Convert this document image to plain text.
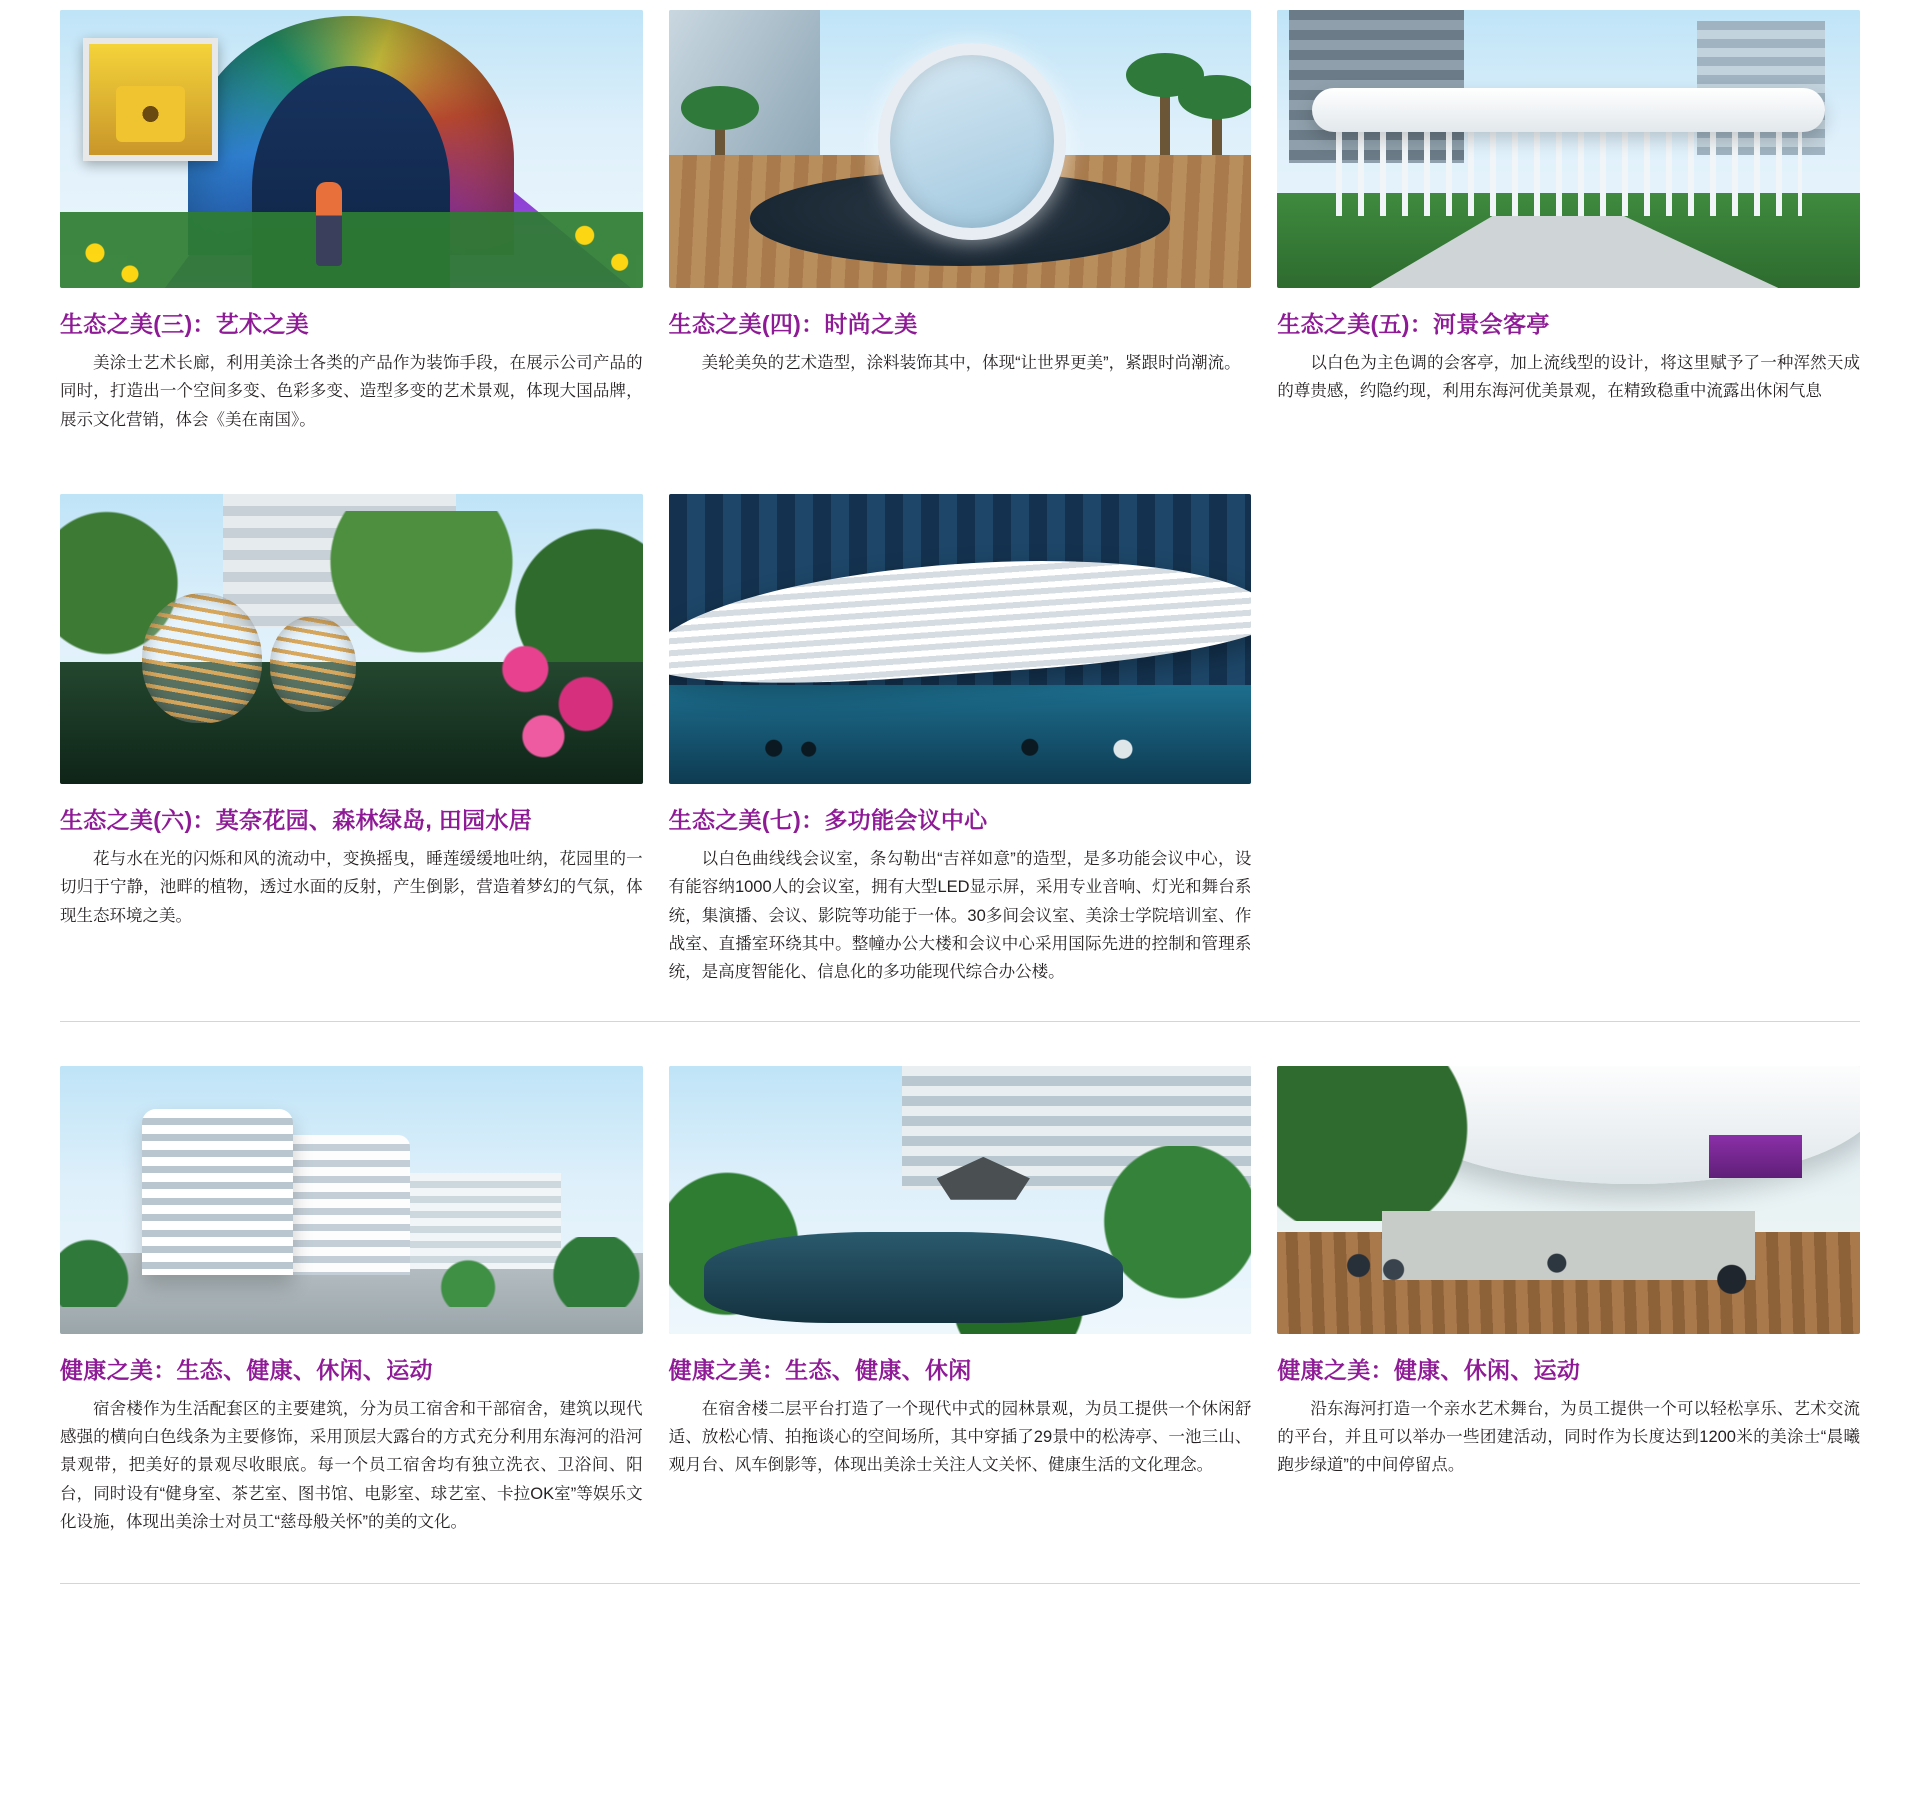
生态之美(三)：艺术之美

美涂士艺术长廊，利用美涂士各类的产品作为装饰手段，在展示公司产品的同时，打造出一个空间多变、色彩多变、造型多变的艺术景观，体现大国品牌，展示文化营销，体会《美在南国》。

生态之美(四)：时尚之美

美轮美奂的艺术造型，涂料装饰其中，体现“让世界更美”，紧跟时尚潮流。

生态之美(五)：河景会客亭

以白色为主色调的会客亭，加上流线型的设计，将这里赋予了一种浑然天成的尊贵感，约隐约现，利用东海河优美景观，在精致稳重中流露出休闲气息

生态之美(六)：莫奈花园、森林绿岛, 田园水居

花与水在光的闪烁和风的流动中，变换摇曳，睡莲缓缓地吐纳，花园里的一切归于宁静，池畔的植物，透过水面的反射，产生倒影，营造着梦幻的气氛，体现生态环境之美。

生态之美(七)：多功能会议中心

以白色曲线线会议室，条勾勒出“吉祥如意”的造型，是多功能会议中心，设有能容纳1000人的会议室，拥有大型LED显示屏，采用专业音响、灯光和舞台系统，集演播、会议、影院等功能于一体。30多间会议室、美涂士学院培训室、作战室、直播室环绕其中。整幢办公大楼和会议中心采用国际先进的控制和管理系统，是高度智能化、信息化的多功能现代综合办公楼。

健康之美：生态、健康、休闲、运动

宿舍楼作为生活配套区的主要建筑，分为员工宿舍和干部宿舍，建筑以现代感强的横向白色线条为主要修饰，采用顶层大露台的方式充分利用东海河的沿河景观带，把美好的景观尽收眼底。每一个员工宿舍均有独立洗衣、卫浴间、阳台，同时设有“健身室、茶艺室、图书馆、电影室、球艺室、卡拉OK室”等娱乐文化设施，体现出美涂士对员工“慈母般关怀”的美的文化。

健康之美：生态、健康、休闲

在宿舍楼二层平台打造了一个现代中式的园林景观，为员工提供一个休闲舒适、放松心情、拍拖谈心的空间场所，其中穿插了29景中的松涛亭、一池三山、观月台、风车倒影等，体现出美涂士关注人文关怀、健康生活的文化理念。

健康之美：健康、休闲、运动

沿东海河打造一个亲水艺术舞台，为员工提供一个可以轻松享乐、艺术交流的平台，并且可以举办一些团建活动，同时作为长度达到1200米的美涂士“晨曦跑步绿道”的中间停留点。
